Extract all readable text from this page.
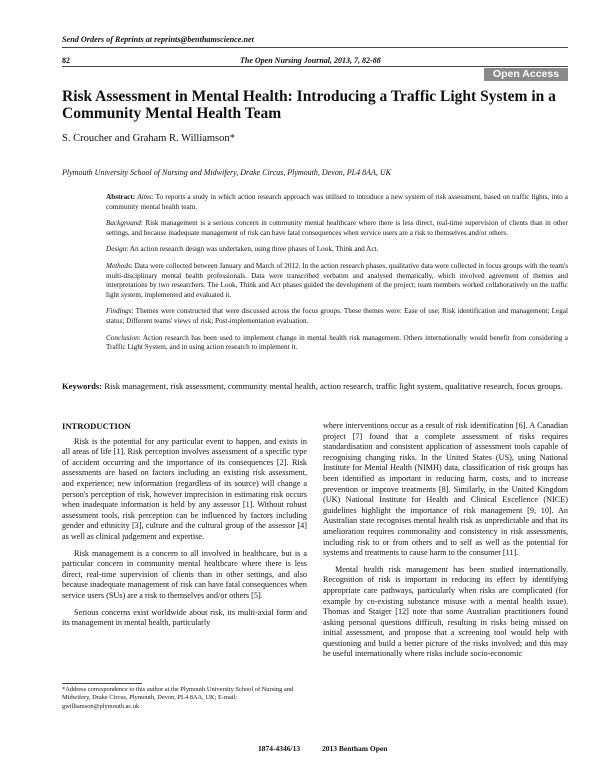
Send Orders of Reprints at reprints@benthamscience.net
82	The Open Nursing Journal, 2013, 7, 82-88
Open Access
Risk Assessment in Mental Health: Introducing a Traffic Light System in a Community Mental Health Team
S. Croucher and Graham R. Williamson*
Plymouth University School of Nursing and Midwifery, Drake Circus, Plymouth, Devon, PL4 8AA, UK

Abstract: Aims: To reports a study in which action research approach was utilised to introduce a new system of risk assessment, based on traffic lights, into a community mental health team.

Background: Risk management is a serious concern in community mental healthcare where there is less direct, real-time supervision of clients than in other settings, and because inadequate management of risk can have fatal consequences when service users are a risk to themselves and/or others.

Design: An action research design was undertaken, using three phases of Look, Think and Act.

Methods: Data were collected between January and March of 2012. In the action research phases, qualitative data were collected in focus groups with the team's multi-disciplinary mental health professionals. Data were transcribed verbatim and analysed thematically, which involved agreement of themes and interpretations by two researchers. The Look, Think and Act phases guided the development of the project; team members worked collaboratively on the traffic light system, implemented and evaluated it.

Findings: Themes were constructed that were discussed across the focus groups. These themes were: Ease of use; Risk identification and management; Legal status; Different teams' views of risk; Post-implementation evaluation.

Conclusion: Action research has been used to implement change in mental health risk management. Others internationally would benefit from considering a Traffic Light System, and in using action research to implement it.

Keywords: Risk management, risk assessment, community mental health, action research, traffic light system, qualitative research, focus groups.
INTRODUCTION

Risk is the potential for any particular event to happen, and exists in all areas of life [1]. Risk perception involves assessment of a specific type of accident occurring and the importance of its consequences [2]. Risk assessments are based on factors including an existing risk assessment, and experience; new information (regardless of its source) will change a person's perception of risk, however imprecision in estimating risk occurs when inadequate information is held by any assessor [1]. Without robust assessment tools, risk perception can be influenced by factors including gender and ethnicity [3], culture and the cultural group of the assessor [4] as well as clinical judgement and expertise.

Risk management is a concern to all involved in healthcare, but is a particular concern in community mental healthcare where there is less direct, real-time supervision of clients than in other settings, and also because inadequate management of risk can have fatal consequences when service users (SUs) are a risk to themselves and/or others [5].

Serious concerns exist worldwide about risk, its multi-axial form and its management in mental health, particularly

where interventions occur as a result of risk identification [6]. A Canadian project [7] found that a complete assessment of risks requires standardisation and consistent application of assessment tools capable of recognising changing risks. In the United States (US), using National Institute for Mental Health (NIMH) data, classification of risk groups has been identified as important in reducing harm, costs, and to increase prevention or improve treatments [8]. Similarly, in the United Kingdom (UK) National Institute for Health and Clinical Excellence (NICE) guidelines highlight the importance of risk management [9, 10]. An Australian state recognises mental health risk as unpredictable and that its amelioration requires commonality and consistency in risk assessments, including risk to or from others and to self as well as the potential for systems and treatments to cause harm to the consumer [11].

Mental health risk management has been studied internationally. Recognition of risk is important in reducing its effect by identifying appropriate care pathways, particularly when risks are complicated (for example by co-existing substance misuse with a mental health issue). Thomas and Staiger [12] note that some Australian practitioners found asking personal questions difficult, resulting in risks being missed on initial assessment, and propose that a screening tool would help with questioning and build a better picture of the risks involved; and this may be useful internationally where risks include socio-economic

*Address correspondence to this author at the Plymouth University School of Nursing and Midwifery, Drake Circus, Plymouth, Devon, PL4 8AA, UK; E-mail: gwilliamson@plymouth.ac.uk
1874-4346/13	2013 Bentham Open
